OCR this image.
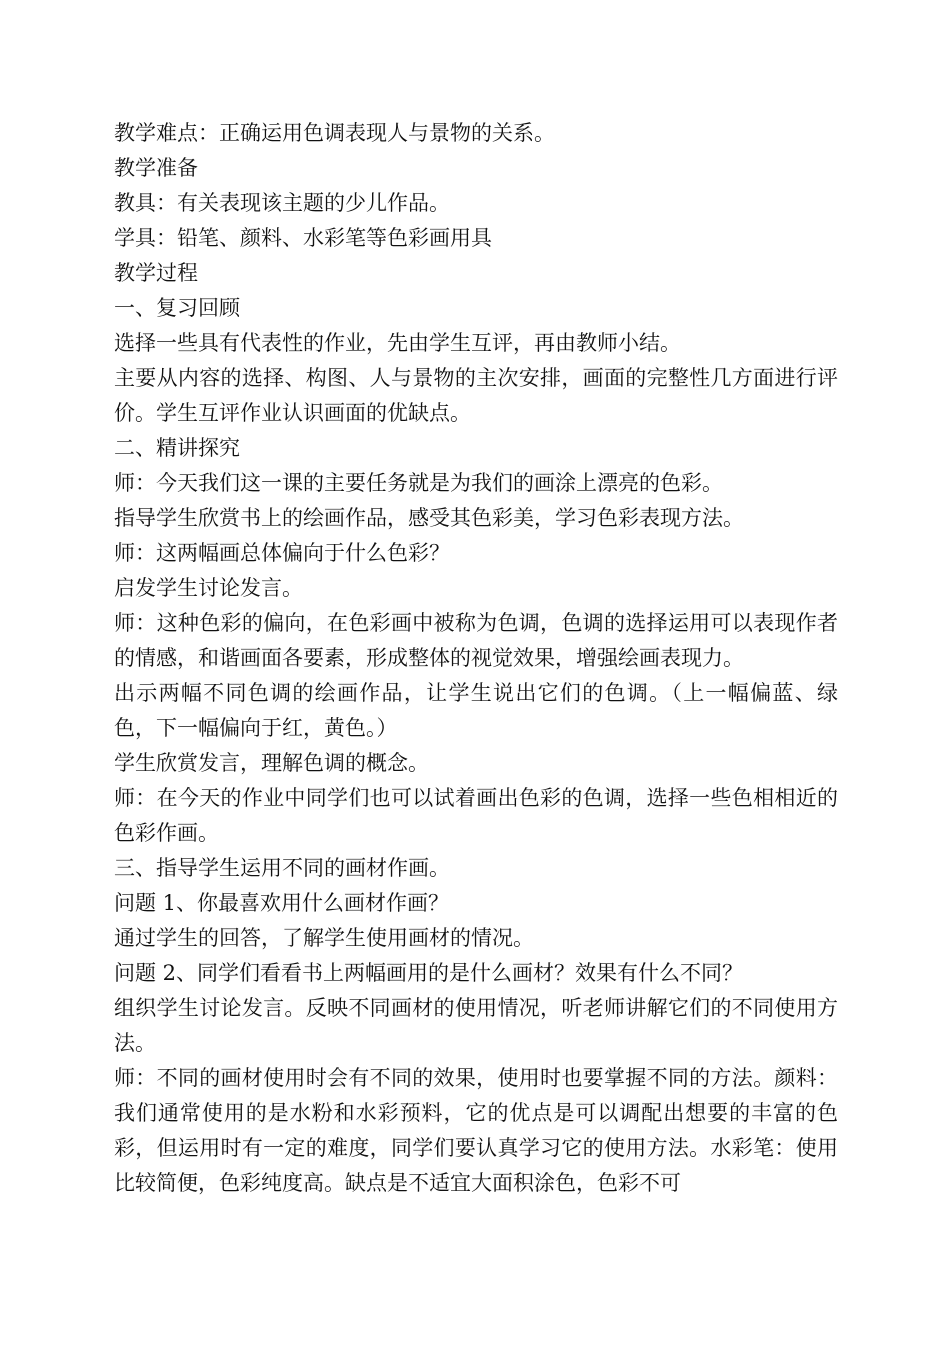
教学难点：正确运用色调表现人与景物的关系。

教学准备

教具：有关表现该主题的少儿作品。

学具：铅笔、颜料、水彩笔等色彩画用具

教学过程

一、复习回顾

选择一些具有代表性的作业，先由学生互评，再由教师小结。

主要从内容的选择、构图、人与景物的主次安排，画面的完整性几方面进行评价。学生互评作业认识画面的优缺点。

二、精讲探究

师：今天我们这一课的主要任务就是为我们的画涂上漂亮的色彩。

指导学生欣赏书上的绘画作品，感受其色彩美，学习色彩表现方法。

师：这两幅画总体偏向于什么色彩？

启发学生讨论发言。

师：这种色彩的偏向，在色彩画中被称为色调，色调的选择运用可以表现作者的情感，和谐画面各要素，形成整体的视觉效果，增强绘画表现力。

出示两幅不同色调的绘画作品，让学生说出它们的色调。（上一幅偏蓝、绿色，下一幅偏向于红，黄色。）

学生欣赏发言，理解色调的概念。

师：在今天的作业中同学们也可以试着画出色彩的色调，选择一些色相相近的色彩作画。

三、指导学生运用不同的画材作画。

问题 1、你最喜欢用什么画材作画？

通过学生的回答，了解学生使用画材的情况。

问题 2、同学们看看书上两幅画用的是什么画材？效果有什么不同？

组织学生讨论发言。反映不同画材的使用情况，听老师讲解它们的不同使用方法。

师：不同的画材使用时会有不同的效果，使用时也要掌握不同的方法。颜料：我们通常使用的是水粉和水彩预料，它的优点是可以调配出想要的丰富的色彩，但运用时有一定的难度，同学们要认真学习它的使用方法。水彩笔：使用比较简便，色彩纯度高。缺点是不适宜大面积涂色，色彩不可
